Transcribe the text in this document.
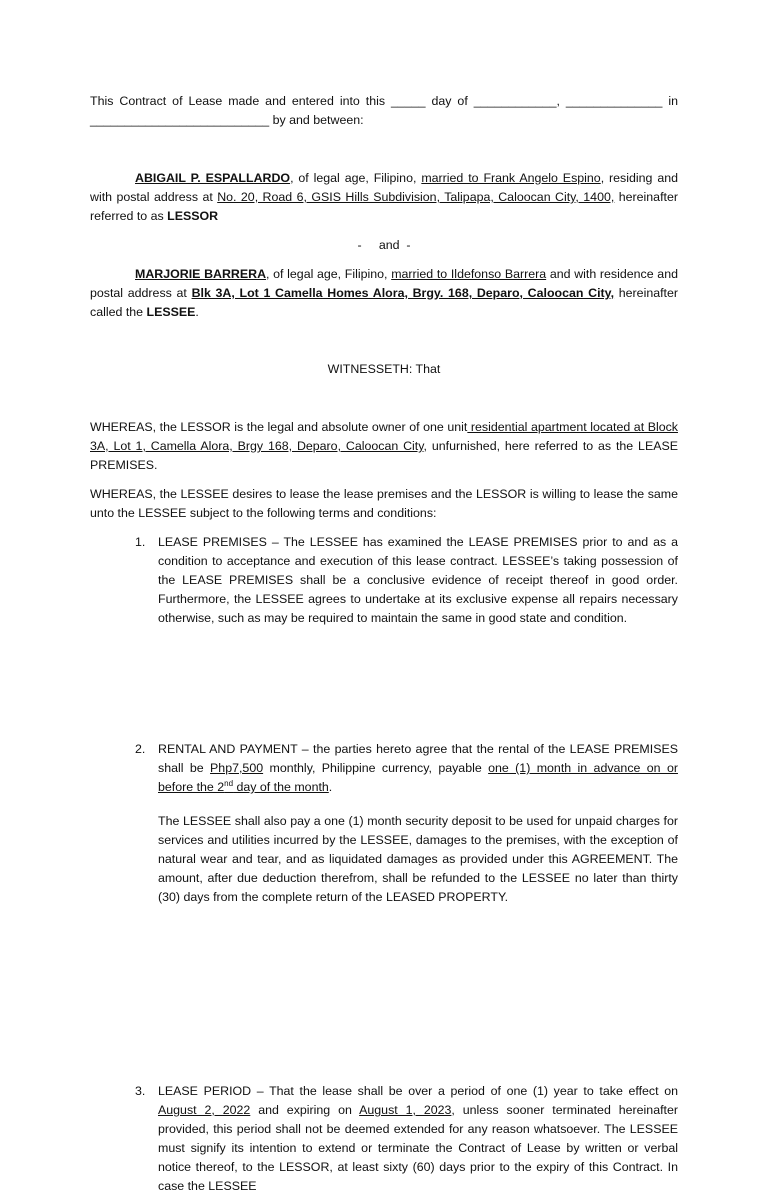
This Contract of Lease made and entered into this _____ day of ____________, ______________ in __________________________ by and between:

ABIGAIL P. ESPALLARDO, of legal age, Filipino, married to Frank Angelo Espino, residing and with postal address at No. 20, Road 6, GSIS Hills Subdivision, Talipapa, Caloocan City, 1400, hereinafter referred to as LESSOR

-     and  -

MARJORIE BARRERA, of legal age, Filipino, married to Ildefonso Barrera and with residence and postal address at Blk 3A, Lot 1 Camella Homes Alora, Brgy. 168, Deparo, Caloocan City, hereinafter called the LESSEE.

WITNESSETH: That

WHEREAS, the LESSOR is the legal and absolute owner of one unit residential apartment located at Block 3A, Lot 1, Camella Alora, Brgy 168, Deparo, Caloocan City, unfurnished, here referred to as the LEASE PREMISES.

WHEREAS, the LESSEE desires to lease the lease premises and the LESSOR is willing to lease the same unto the LESSEE subject to the following terms and conditions:

1. LEASE PREMISES – The LESSEE has examined the LEASE PREMISES prior to and as a condition to acceptance and execution of this lease contract. LESSEE’s taking possession of the LEASE PREMISES shall be a conclusive evidence of receipt thereof in good order. Furthermore, the LESSEE agrees to undertake at its exclusive expense all repairs necessary otherwise, such as may be required to maintain the same in good state and condition.

2. RENTAL AND PAYMENT – the parties hereto agree that the rental of the LEASE PREMISES shall be Php7,500 monthly, Philippine currency, payable one (1) month in advance on or before the 2nd day of the month.

The LESSEE shall also pay a one (1) month security deposit to be used for unpaid charges for services and utilities incurred by the LESSEE, damages to the premises, with the exception of natural wear and tear, and as liquidated damages as provided under this AGREEMENT. The amount, after due deduction therefrom, shall be refunded to the LESSEE no later than thirty (30) days from the complete return of the LEASED PROPERTY.

3. LEASE PERIOD – That the lease shall be over a period of one (1) year to take effect on August 2, 2022 and expiring on August 1, 2023, unless sooner terminated hereinafter provided, this period shall not be deemed extended for any reason whatsoever. The LESSEE must signify its intention to extend or terminate the Contract of Lease by written or verbal notice thereof, to the LESSOR, at least sixty (60) days prior to the expiry of this Contract. In case the LESSEE
